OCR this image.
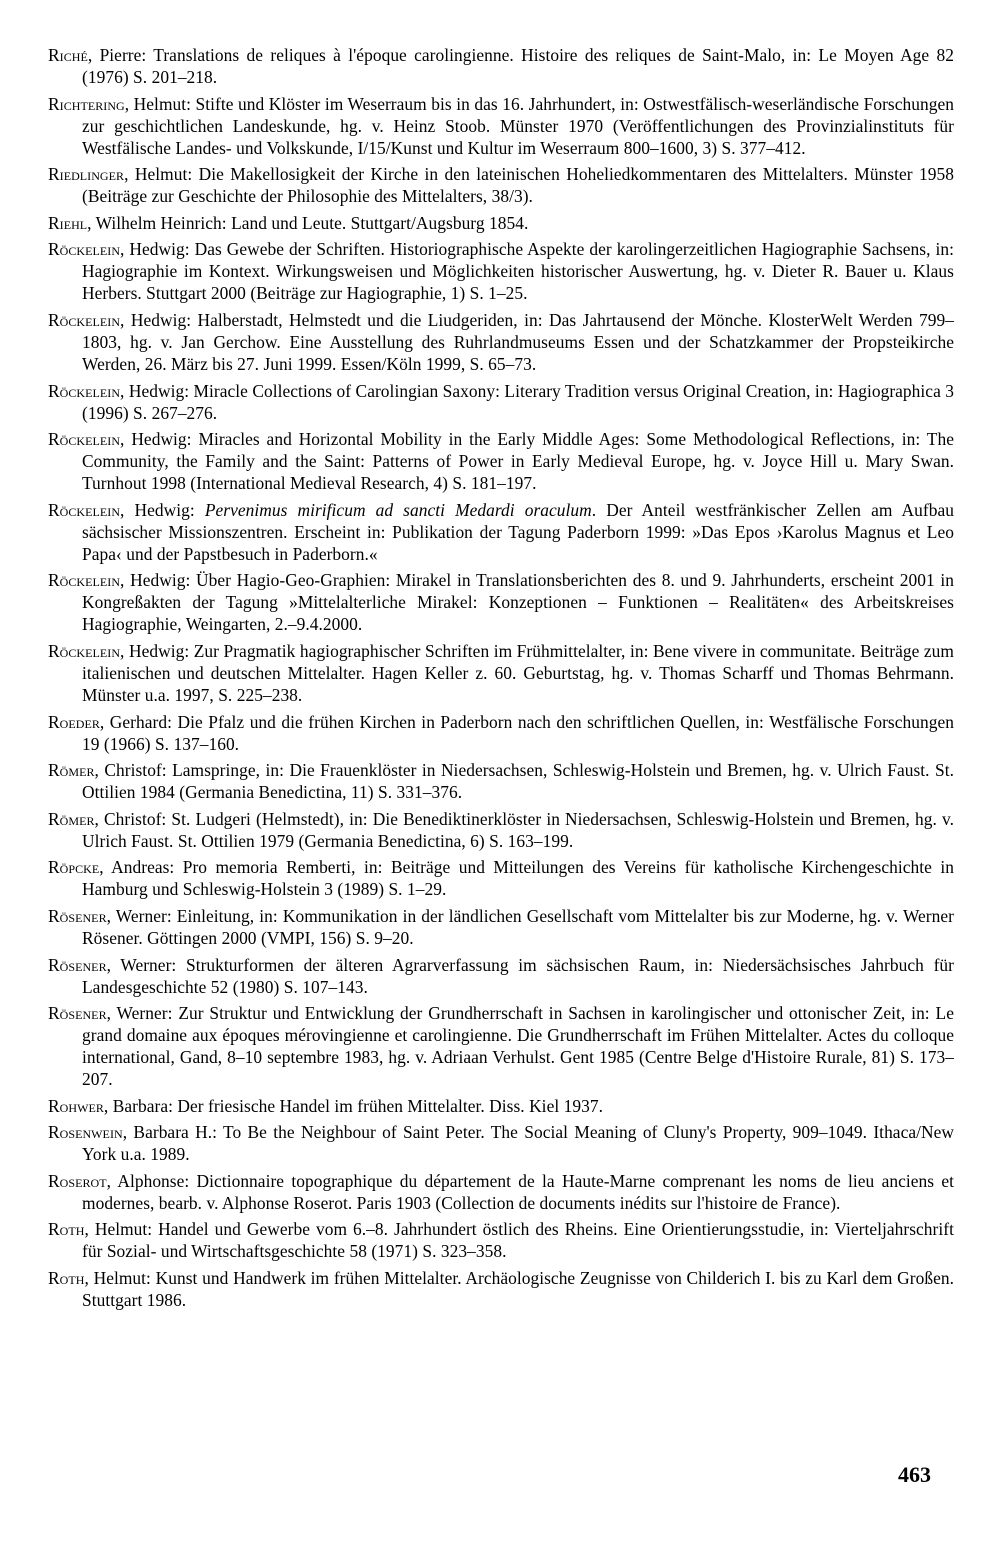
Riché, Pierre: Translations de reliques à l'époque carolingienne. Histoire des reliques de Saint-Malo, in: Le Moyen Age 82 (1976) S. 201–218.

Richtering, Helmut: Stifte und Klöster im Weserraum bis in das 16. Jahrhundert, in: Ostwestfälisch-weserländische Forschungen zur geschichtlichen Landeskunde, hg. v. Heinz Stoob. Münster 1970 (Veröffentlichungen des Provinzialinstituts für Westfälische Landes- und Volkskunde, I/15/Kunst und Kultur im Weserraum 800–1600, 3) S. 377–412.

Riedlinger, Helmut: Die Makellosigkeit der Kirche in den lateinischen Hoheliedkommentaren des Mittelalters. Münster 1958 (Beiträge zur Geschichte der Philosophie des Mittelalters, 38/3).

Riehl, Wilhelm Heinrich: Land und Leute. Stuttgart/Augsburg 1854.

Röckelein, Hedwig: Das Gewebe der Schriften. Historiographische Aspekte der karolingerzeitlichen Hagiographie Sachsens, in: Hagiographie im Kontext. Wirkungsweisen und Möglichkeiten historischer Auswertung, hg. v. Dieter R. Bauer u. Klaus Herbers. Stuttgart 2000 (Beiträge zur Hagiographie, 1) S. 1–25.

Röckelein, Hedwig: Halberstadt, Helmstedt und die Liudgeriden, in: Das Jahrtausend der Mönche. KlosterWelt Werden 799–1803, hg. v. Jan Gerchow. Eine Ausstellung des Ruhrlandmuseums Essen und der Schatzkammer der Propsteikirche Werden, 26. März bis 27. Juni 1999. Essen/Köln 1999, S. 65–73.

Röckelein, Hedwig: Miracle Collections of Carolingian Saxony: Literary Tradition versus Original Creation, in: Hagiographica 3 (1996) S. 267–276.

Röckelein, Hedwig: Miracles and Horizontal Mobility in the Early Middle Ages: Some Methodological Reflections, in: The Community, the Family and the Saint: Patterns of Power in Early Medieval Europe, hg. v. Joyce Hill u. Mary Swan. Turnhout 1998 (International Medieval Research, 4) S. 181–197.

Röckelein, Hedwig: Pervenimus mirificum ad sancti Medardi oraculum. Der Anteil westfränkischer Zellen am Aufbau sächsischer Missionszentren. Erscheint in: Publikation der Tagung Paderborn 1999: »Das Epos ›Karolus Magnus et Leo Papa‹ und der Papstbesuch in Paderborn.«

Röckelein, Hedwig: Über Hagio-Geo-Graphien: Mirakel in Translationsberichten des 8. und 9. Jahrhunderts, erscheint 2001 in Kongreßakten der Tagung »Mittelalterliche Mirakel: Konzeptionen – Funktionen – Realitäten« des Arbeitskreises Hagiographie, Weingarten, 2.–9.4.2000.

Röckelein, Hedwig: Zur Pragmatik hagiographischer Schriften im Frühmittelalter, in: Bene vivere in communitate. Beiträge zum italienischen und deutschen Mittelalter. Hagen Keller z. 60. Geburtstag, hg. v. Thomas Scharff und Thomas Behrmann. Münster u.a. 1997, S. 225–238.

Roeder, Gerhard: Die Pfalz und die frühen Kirchen in Paderborn nach den schriftlichen Quellen, in: Westfälische Forschungen 19 (1966) S. 137–160.

Römer, Christof: Lamspringe, in: Die Frauenklöster in Niedersachsen, Schleswig-Holstein und Bremen, hg. v. Ulrich Faust. St. Ottilien 1984 (Germania Benedictina, 11) S. 331–376.

Römer, Christof: St. Ludgeri (Helmstedt), in: Die Benediktinerklöster in Niedersachsen, Schleswig-Holstein und Bremen, hg. v. Ulrich Faust. St. Ottilien 1979 (Germania Benedictina, 6) S. 163–199.

Röpcke, Andreas: Pro memoria Remberti, in: Beiträge und Mitteilungen des Vereins für katholische Kirchengeschichte in Hamburg und Schleswig-Holstein 3 (1989) S. 1–29.

Rösener, Werner: Einleitung, in: Kommunikation in der ländlichen Gesellschaft vom Mittelalter bis zur Moderne, hg. v. Werner Rösener. Göttingen 2000 (VMPI, 156) S. 9–20.

Rösener, Werner: Strukturformen der älteren Agrarverfassung im sächsischen Raum, in: Niedersächsisches Jahrbuch für Landesgeschichte 52 (1980) S. 107–143.

Rösener, Werner: Zur Struktur und Entwicklung der Grundherrschaft in Sachsen in karolingischer und ottonischer Zeit, in: Le grand domaine aux époques mérovingienne et carolingienne. Die Grundherrschaft im Frühen Mittelalter. Actes du colloque international, Gand, 8–10 septembre 1983, hg. v. Adriaan Verhulst. Gent 1985 (Centre Belge d'Histoire Rurale, 81) S. 173–207.

Rohwer, Barbara: Der friesische Handel im frühen Mittelalter. Diss. Kiel 1937.

Rosenwein, Barbara H.: To Be the Neighbour of Saint Peter. The Social Meaning of Cluny's Property, 909–1049. Ithaca/New York u.a. 1989.

Roserot, Alphonse: Dictionnaire topographique du département de la Haute-Marne comprenant les noms de lieu anciens et modernes, bearb. v. Alphonse Roserot. Paris 1903 (Collection de documents inédits sur l'histoire de France).

Roth, Helmut: Handel und Gewerbe vom 6.–8. Jahrhundert östlich des Rheins. Eine Orientierungsstudie, in: Vierteljahrschrift für Sozial- und Wirtschaftsgeschichte 58 (1971) S. 323–358.

Roth, Helmut: Kunst und Handwerk im frühen Mittelalter. Archäologische Zeugnisse von Childerich I. bis zu Karl dem Großen. Stuttgart 1986.

463
